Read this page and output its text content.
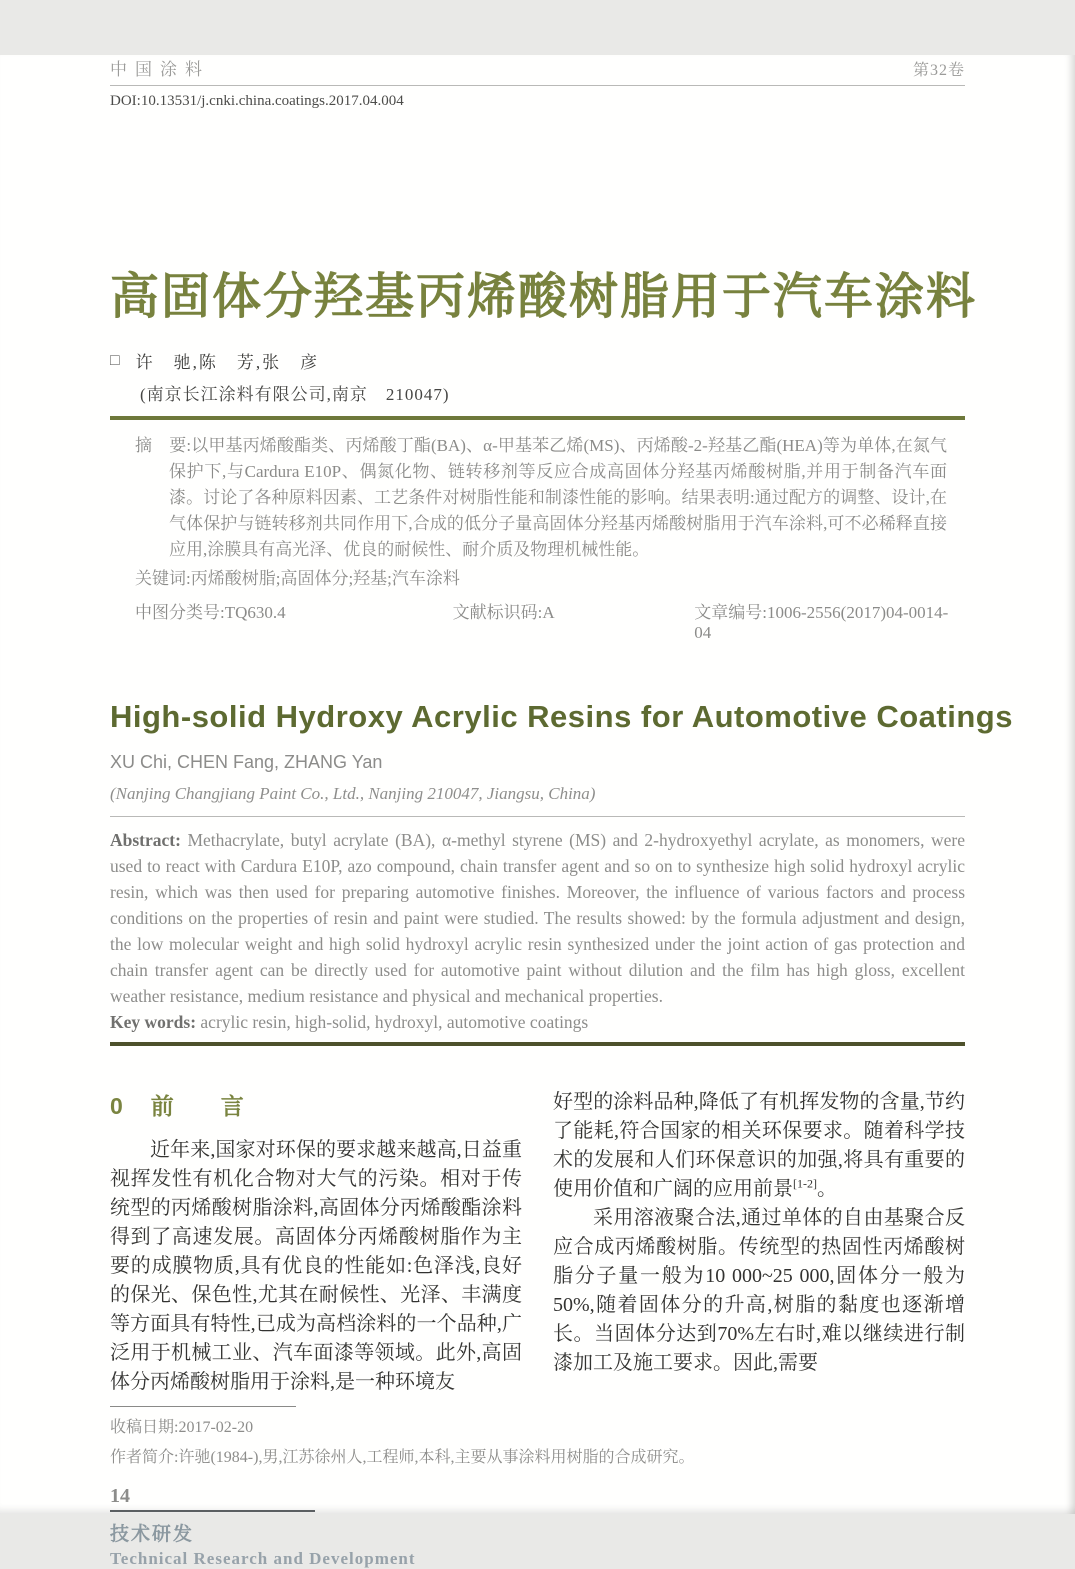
中国涂料	第32卷
DOI:10.13531/j.cnki.china.coatings.2017.04.004
高固体分羟基丙烯酸树脂用于汽车涂料
□ 许　驰,陈　芳,张　彦
(南京长江涂料有限公司,南京　210047)
摘　要:以甲基丙烯酸酯类、丙烯酸丁酯(BA)、α-甲基苯乙烯(MS)、丙烯酸-2-羟基乙酯(HEA)等为单体,在氮气保护下,与Cardura E10P、偶氮化物、链转移剂等反应合成高固体分羟基丙烯酸树脂,并用于制备汽车面漆。讨论了各种原料因素、工艺条件对树脂性能和制漆性能的影响。结果表明:通过配方的调整、设计,在气体保护与链转移剂共同作用下,合成的低分子量高固体分羟基丙烯酸树脂用于汽车涂料,可不必稀释直接应用,涂膜具有高光泽、优良的耐候性、耐介质及物理机械性能。
关键词:丙烯酸树脂;高固体分;羟基;汽车涂料
中图分类号:TQ630.4	文献标识码:A	文章编号:1006-2556(2017)04-0014-04
High-solid Hydroxy Acrylic Resins for Automotive Coatings
XU Chi, CHEN Fang, ZHANG Yan
(Nanjing Changjiang Paint Co., Ltd., Nanjing 210047, Jiangsu, China)
Abstract: Methacrylate, butyl acrylate (BA), α-methyl styrene (MS) and 2-hydroxyethyl acrylate, as monomers, were used to react with Cardura E10P, azo compound, chain transfer agent and so on to synthesize high solid hydroxyl acrylic resin, which was then used for preparing automotive finishes. Moreover, the influence of various factors and process conditions on the properties of resin and paint were studied. The results showed: by the formula adjustment and design, the low molecular weight and high solid hydroxyl acrylic resin synthesized under the joint action of gas protection and chain transfer agent can be directly used for automotive paint without dilution and the film has high gloss, excellent weather resistance, medium resistance and physical and mechanical properties.
Key words: acrylic resin, high-solid, hydroxyl, automotive coatings
0 前　言

近年来,国家对环保的要求越来越高,日益重视挥发性有机化合物对大气的污染。相对于传统型的丙烯酸树脂涂料,高固体分丙烯酸酯涂料得到了高速发展。高固体分丙烯酸树脂作为主要的成膜物质,具有优良的性能如:色泽浅,良好的保光、保色性,尤其在耐候性、光泽、丰满度等方面具有特性,已成为高档涂料的一个品种,广泛用于机械工业、汽车面漆等领域。此外,高固体分丙烯酸树脂用于涂料,是一种环境友

好型的涂料品种,降低了有机挥发物的含量,节约了能耗,符合国家的相关环保要求。随着科学技术的发展和人们环保意识的加强,将具有重要的使用价值和广阔的应用前景[1-2]。

采用溶液聚合法,通过单体的自由基聚合反应合成丙烯酸树脂。传统型的热固性丙烯酸树脂分子量一般为10 000~25 000,固体分一般为50%,随着固体分的升高,树脂的黏度也逐渐增长。当固体分达到70%左右时,难以继续进行制漆加工及施工要求。因此,需要

收稿日期:2017-02-20
作者简介:许驰(1984-),男,江苏徐州人,工程师,本科,主要从事涂料用树脂的合成研究。
14
技术研发
Technical Research and Development
